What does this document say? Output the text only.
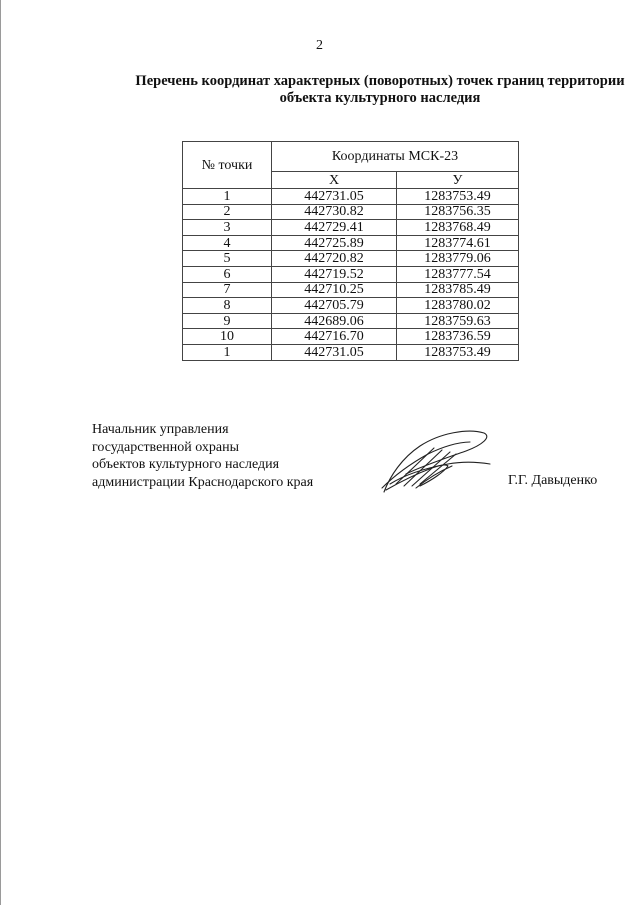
2
Перечень координат характерных (поворотных) точек границ территории
объекта культурного наследия
№ точки	Координаты МСК-23	
	X	У
1	442731.05	1283753.49
2	442730.82	1283756.35
3	442729.41	1283768.49
4	442725.89	1283774.61
5	442720.82	1283779.06
6	442719.52	1283777.54
7	442710.25	1283785.49
8	442705.79	1283780.02
9	442689.06	1283759.63
10	442716.70	1283736.59
1	442731.05	1283753.49
Начальник управления
государственной охраны
объектов культурного наследия
администрации Краснодарского края	Г.Г. Давыденко
